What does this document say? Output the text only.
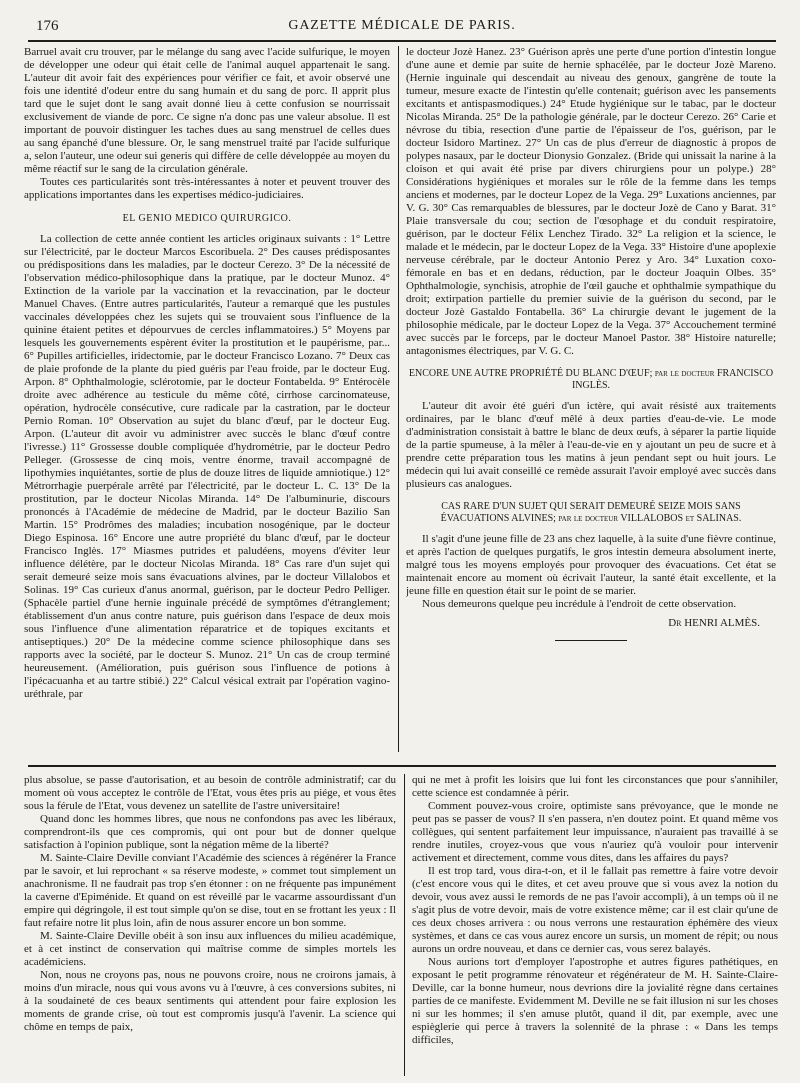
176	GAZETTE MÉDICALE DE PARIS.

Barruel avait cru trouver, par le mélange du sang avec l'acide sulfurique, le moyen de développer une odeur qui était celle de l'animal auquel appartenait le sang. L'auteur dit avoir fait des expériences pour vérifier ce fait, et avoir observé une fois une identité d'odeur entre du sang humain et du sang de porc. Il apprit plus tard que le sujet dont le sang avait donné lieu à cette confusion se nourrissait exclusivement de viande de porc. Ce signe n'a donc pas une valeur absolue. Il est important de pouvoir distinguer les taches dues au sang menstruel de celles dues au sang épanché d'une blessure. Or, le sang menstruel traité par l'acide sulfurique a, selon l'auteur, une odeur sui generis qui diffère de celle développée au moyen du même réactif sur le sang de la circulation générale.

Toutes ces particularités sont très-intéressantes à noter et peuvent trouver des applications importantes dans les expertises médico-judiciaires.

EL GENIO MEDICO QUIRURGICO.

La collection de cette année contient les articles originaux suivants : 1° Lettre sur l'électricité, par le docteur Marcos Escoribuela. 2° Des causes prédisposantes ou prédispositions dans les maladies, par le docteur Cerezo. 3° De la nécessité de l'observation médico-philosophique dans la pratique, par le docteur Munoz. 4° Extinction de la variole par la vaccination et la revaccination, par le docteur Manuel Chaves. (Entre autres particularités, l'auteur a remarqué que les pustules vaccinales développées chez les sujets qui se trouvaient sous l'influence de la quinine étaient petites et dépourvues de cercles inflammatoires.) 5° Moyens par lesquels les gouvernements espèrent éviter la prostitution et le paupérisme, par... 6° Pupilles artificielles, iridectomie, par le docteur Francisco Lozano. 7° Deux cas de plaie profonde de la plante du pied guéris par l'eau froide, par le docteur Eug. Arpon. 8° Ophthalmologie, sclérotomie, par le docteur Fontabelda. 9° Entérocèle droite avec adhérence au testicule du même côté, cirrhose carcinomateuse, opération, hydrocèle consécutive, cure radicale par la castration, par le docteur Pernio Roman. 10° Observation au sujet du blanc d'œuf, par le docteur Eug. Arpon. (L'auteur dit avoir vu administrer avec succès le blanc d'œuf contre l'ivresse.) 11° Grossesse double compliquée d'hydrométrie, par le docteur Pedro Pelleger. (Grossesse de cinq mois, ventre énorme, travail accompagné de lipothymies inquiétantes, sortie de plus de douze litres de liquide amniotique.) 12° Métrorrhagie puerpérale arrêté par l'électricité, par le docteur L. C. 13° De la prostitution, par le docteur Nicolas Miranda. 14° De l'albuminurie, discours prononcés à l'Académie de médecine de Madrid, par le docteur Bazilio San Martin. 15° Prodrômes des maladies; incubation nosogénique, par le docteur Diego Espinosa. 16° Encore une autre propriété du blanc d'œuf, par le docteur Francisco Inglès. 17° Miasmes putrides et paludéens, moyens d'éviter leur influence délétère, par le docteur Nicolas Miranda. 18° Cas rare d'un sujet qui serait demeuré seize mois sans évacuations alvines, par le docteur Villalobos et Solinas. 19° Cas curieux d'anus anormal, guérison, par le docteur Pedro Pelliger. (Sphacèle partiel d'une hernie inguinale précédé de symptômes d'étranglement; établissement d'un anus contre nature, puis guérison dans l'espace de deux mois sous l'influence d'une alimentation réparatrice et de topiques excitants et antiseptiques.) 20° De la médecine comme science philosophique dans ses rapports avec la société, par le docteur S. Munoz. 21° Un cas de croup terminé heureusement. (Amélioration, puis guérison sous l'influence de potions à l'ipécacuanha et au tartre stibié.) 22° Calcul vésical extrait par l'opération vagino-uréthrale, par

le docteur Jozè Hanez. 23° Guérison après une perte d'une portion d'intestin longue d'une aune et demie par suite de hernie sphacélée, par le docteur Jozè Mareno. (Hernie inguinale qui descendait au niveau des genoux, gangrène de toute la tumeur, mesure exacte de l'intestin qu'elle contenait; guérison avec les pansements excitants et antispasmodiques.) 24° Etude hygiénique sur le tabac, par le docteur Nicolas Miranda. 25° De la pathologie générale, par le docteur Cerezo. 26° Carie et névrose du tibia, resection d'une partie de l'épaisseur de l'os, guérison, par le docteur Isidoro Martinez. 27° Un cas de plus d'erreur de diagnostic à propos de polypes nasaux, par le docteur Dionysio Gonzalez. (Bride qui unissait la narine à la cloison et qui avait été prise par divers chirurgiens pour un polype.) 28° Considérations hygiéniques et morales sur le rôle de la femme dans les temps anciens et modernes, par le docteur Lopez de la Vega. 29° Luxations anciennes, par V. G. 30° Cas remarquables de blessures, par le docteur Jozè de Cano y Barat. 31° Plaie transversale du cou; section de l'œsophage et du conduit respiratoire, guérison, par le docteur Félix Lenchez Tirado. 32° La religion et la science, le malade et le médecin, par le docteur Lopez de la Vega. 33° Histoire d'une apoplexie nerveuse cérébrale, par le docteur Antonio Perez y Aro. 34° Luxation coxo-fémorale en bas et en dedans, réduction, par le docteur Joaquin Olbes. 35° Ophthalmologie, synchisis, atrophie de l'œil gauche et ophthalmie sympathique du droit; extirpation partielle du premier suivie de la guérison du second, par le docteur Jozè Gastaldo Fontabella. 36° La chirurgie devant le jugement de la philosophie médicale, par le docteur Lopez de la Vega. 37° Accouchement terminé avec succès par le forceps, par le docteur Manoel Pastor. 38° Histoire naturelle; antagonismes électriques, par V. G. C.

ENCORE UNE AUTRE PROPRIÉTÉ DU BLANC D'ŒUF; par le docteur FRANCISCO INGLÈS.

L'auteur dit avoir été guéri d'un ictère, qui avait résisté aux traitements ordinaires, par le blanc d'œuf mêlé à deux parties d'eau-de-vie. Le mode d'administration consistait à battre le blanc de deux œufs, à séparer la partie liquide de la partie spumeuse, à la mêler à l'eau-de-vie en y ajoutant un peu de sucre et à prendre cette préparation tous les matins à jeun pendant sept ou huit jours. Le médecin qui lui avait conseillé ce remède assurait l'avoir employé avec succès dans plusieurs cas analogues.

CAS RARE D'UN SUJET QUI SERAIT DEMEURÉ SEIZE MOIS SANS ÉVACUATIONS ALVINES; par le docteur VILLALOBOS et SALINAS.

Il s'agit d'une jeune fille de 23 ans chez laquelle, à la suite d'une fièvre continue, et après l'action de quelques purgatifs, le gros intestin demeura absolument inerte, malgré tous les moyens employés pour provoquer des évacuations. Cet état se maintenait encore au moment où écrivait l'auteur, la santé était excellente, et la jeune fille en question était sur le point de se marier.

Nous demeurons quelque peu incrédule à l'endroit de cette observation.

Dr HENRI ALMÈS.

plus absolue, se passe d'autorisation, et au besoin de contrôle administratif; car du moment où vous acceptez le contrôle de l'Etat, vous êtes pris au piége, et vous êtes sous la férule de l'Etat, vous devenez un satellite de l'astre universitaire!

Quand donc les hommes libres, que nous ne confondons pas avec les libéraux, comprendront-ils que ces compromis, qui ont pour but de donner quelque satisfaction à l'opinion publique, sont la négation même de la liberté?

M. Sainte-Claire Deville conviant l'Académie des sciences à régénérer la France par le savoir, et lui reprochant « sa réserve modeste, » commet tout simplement un anachronisme. Il ne faudrait pas trop s'en étonner : on ne fréquente pas impunément la caverne d'Epiménide. Et quand on est réveillé par le vacarme assourdissant d'un empire qui dégringole, il est tout simple qu'on se dise, tout en se frottant les yeux : Il faut refaire notre lit plus loin, afin de nous assurer encore un bon somme.

M. Sainte-Claire Deville obéit à son insu aux influences du milieu académique, et à cet instinct de conservation qui maîtrise comme de simples mortels les académiciens.

Non, nous ne croyons pas, nous ne pouvons croire, nous ne croirons jamais, à moins d'un miracle, nous qui vous avons vu à l'œuvre, à ces conversions subites, ni à la soudaineté de ces beaux sentiments qui attendent pour faire explosion les moments de grande crise, où tout est compromis jusqu'à l'avenir. La science qui chôme en temps de paix,

qui ne met à profit les loisirs que lui font les circonstances que pour s'annihiler, cette science est condamnée à périr.

Comment pouvez-vous croire, optimiste sans prévoyance, que le monde ne peut pas se passer de vous? Il s'en passera, n'en doutez point. Et quand même vos collègues, qui sentent parfaitement leur impuissance, n'auraient pas travaillé à se rendre inutiles, croyez-vous que vous n'auriez qu'à vouloir pour intervenir activement et directement, comme vous dites, dans les affaires du pays?

Il est trop tard, vous dira-t-on, et il le fallait pas remettre à faire votre devoir (c'est encore vous qui le dites, et cet aveu prouve que si vous avez la notion du devoir, vous avez aussi le remords de ne pas l'avoir accompli), à un temps où il ne s'agit plus de votre devoir, mais de votre existence même; car il est clair qu'une de ces deux choses arrivera : ou nous verrons une restauration éphémère des vieux systèmes, et dans ce cas vous aurez encore un sursis, un moment de répit; ou nous aurons un ordre nouveau, et dans ce dernier cas, vous serez balayés.

Nous aurions tort d'employer l'apostrophe et autres figures pathétiques, en exposant le petit programme rénovateur et régénérateur de M. H. Sainte-Claire-Deville, car la bonne humeur, nous devrions dire la jovialité règne dans certaines parties de ce manifeste. Evidemment M. Deville ne se fait illusion ni sur les choses ni sur les hommes; il s'en amuse plutôt, quand il dit, par exemple, avec une espièglerie qui perce à travers la solennité de la phrase : « Dans les temps difficiles,
